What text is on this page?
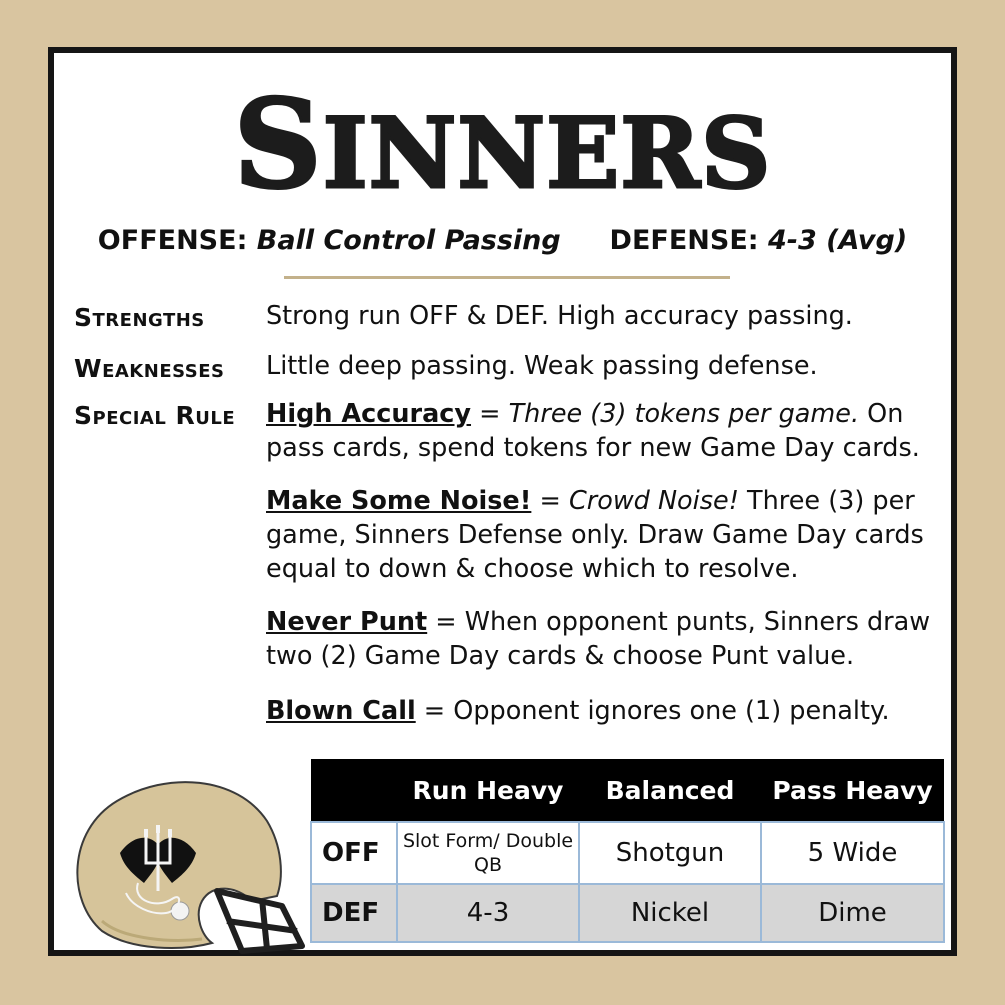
SINNERS
OFFENSE: Ball Control Passing DEFENSE: 4-3 (Avg)
Strengths Strong run OFF & DEF. High accuracy passing.
Weaknesses Little deep passing. Weak passing defense.
Special Rule High Accuracy = Three (3) tokens per game. On pass cards, spend tokens for new Game Day cards.
Make Some Noise! = Crowd Noise! Three (3) per game, Sinners Defense only. Draw Game Day cards equal to down & choose which to resolve.
Never Punt = When opponent punts, Sinners draw two (2) Game Day cards & choose Punt value.
Blown Call = Opponent ignores one (1) penalty.
	Run Heavy	Balanced	Pass Heavy
OFF	Slot Form/ Double QB	Shotgun	5 Wide
DEF	4-3	Nickel	Dime
